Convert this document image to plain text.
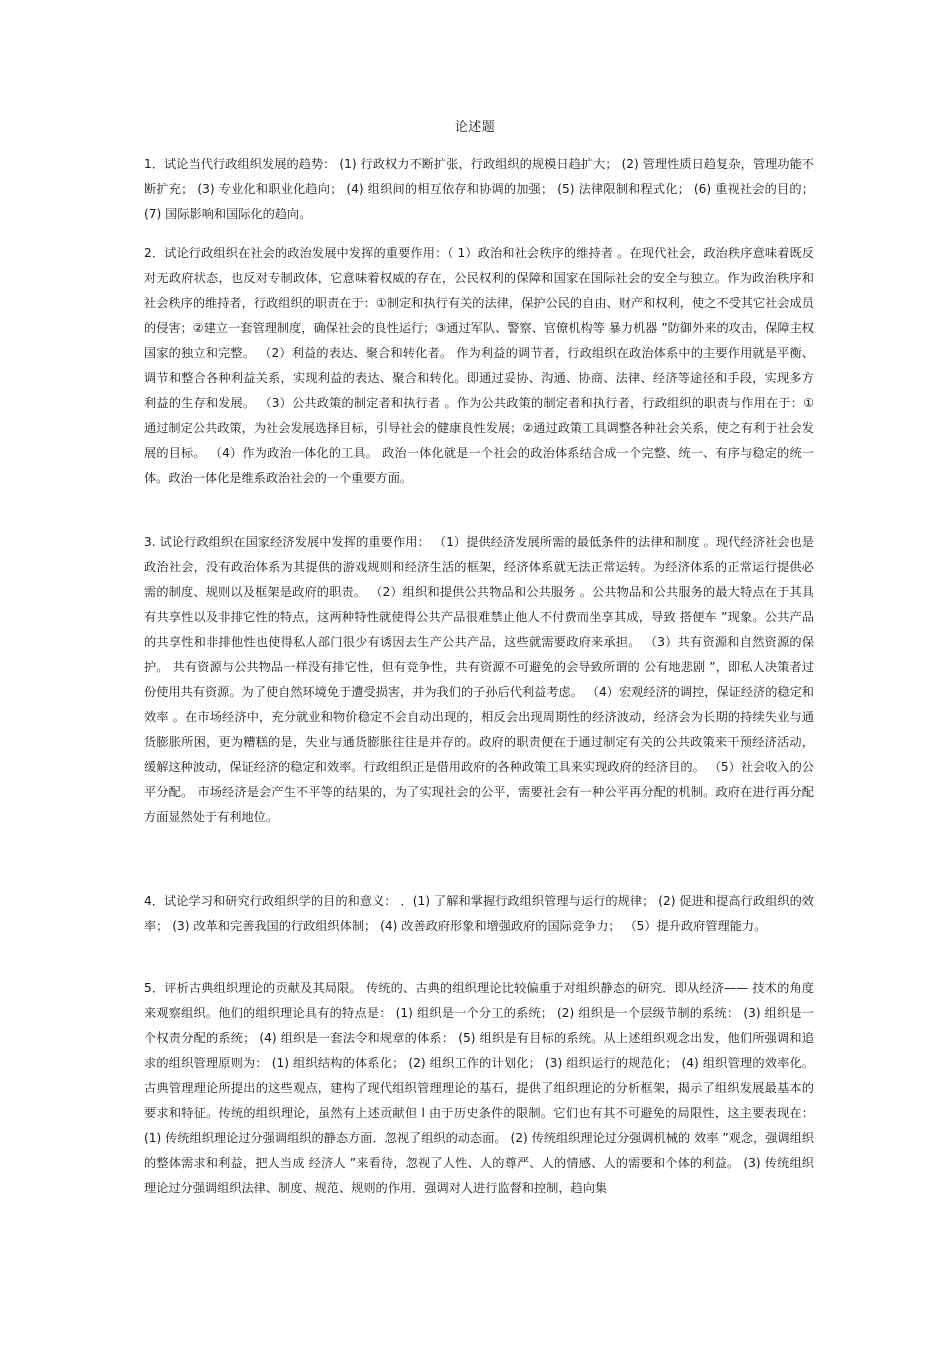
论述题
1．试论当代行政组织发展的趋势： (1) 行政权力不断扩张，行政组织的规模日趋扩大； (2) 管理性质日趋复杂，管理功能不断扩充； (3) 专业化和职业化趋向； (4) 组织间的相互依存和协调的加强； (5) 法律限制和程式化； (6) 重视社会的目的； (7) 国际影响和国际化的趋向。
2．试论行政组织在社会的政治发展中发挥的重要作用：（ 1）政治和社会秩序的维持者 。在现代社会，政治秩序意味着既反对无政府状态，也反对专制政体，它意味着权威的存在，公民权利的保障和国家在国际社会的安全与独立。作为政治秩序和社会秩序的维持者，行政组织的职责在于：①制定和执行有关的法律，保护公民的自由、财产和权利，使之不受其它社会成员的侵害；②建立一套管理制度，确保社会的良性运行；③通过军队、警察、官僚机构等 暴力机器 ”防御外来的攻击，保障主权国家的独立和完整。 （2）利益的表达、聚合和转化者。 作为利益的调节者，行政组织在政治体系中的主要作用就是平衡、调节和整合各种利益关系，实现利益的表达、聚合和转化。即通过妥协、沟通、协商、法律、经济等途径和手段，实现多方利益的生存和发展。 （3）公共政策的制定者和执行者 。作为公共政策的制定者和执行者，行政组织的职责与作用在于：①通过制定公共政策，为社会发展选择目标，引导社会的健康良性发展；②通过政策工具调整各种社会关系，使之有利于社会发展的目标。 （4）作为政治一体化的工具。 政治一体化就是一个社会的政治体系结合成一个完整、统一、有序与稳定的统一体。政治一体化是维系政治社会的一个重要方面。
3. 试论行政组织在国家经济发展中发挥的重要作用： （1）提供经济发展所需的最低条件的法律和制度 。现代经济社会也是政治社会，没有政治体系为其提供的游戏规则和经济生活的框架，经济体系就无法正常运转。为经济体系的正常运行提供必需的制度、规则以及框架是政府的职责。 （2）组织和提供公共物品和公共服务 。公共物品和公共服务的最大特点在于其具有共享性以及非排它性的特点，这两种特性就使得公共产品很难禁止他人不付费而坐享其成，导致 搭便车 ”现象。公共产品的共享性和非排他性也使得私人部门很少有诱因去生产公共产品，这些就需要政府来承担。 （3）共有资源和自然资源的保护。 共有资源与公共物品一样没有排它性，但有竞争性，共有资源不可避免的会导致所谓的 公有地悲剧 ”，即私人决策者过份使用共有资源。为了使自然环境免于遭受损害，并为我们的子孙后代利益考虑。 （4）宏观经济的调控，保证经济的稳定和效率 。在市场经济中，充分就业和物价稳定不会自动出现的，相反会出现周期性的经济波动，经济会为长期的持续失业与通货膨胀所困，更为糟糕的是，失业与通货膨胀往往是并存的。政府的职责便在于通过制定有关的公共政策来干预经济活动，缓解这种波动，保证经济的稳定和效率。行政组织正是借用政府的各种政策工具来实现政府的经济目的。 （5）社会收入的公平分配。 市场经济是会产生不平等的结果的，为了实现社会的公平，需要社会有一种公平再分配的机制。政府在进行再分配方面显然处于有利地位。
4．试论学习和研究行政组织学的目的和意义： ．(1) 了解和掌握行政组织管理与运行的规律； (2) 促进和提高行政组织的效率； (3) 改革和完善我国的行政组织体制； (4) 改善政府形象和增强政府的国际竞争力； （5）提升政府管理能力。
5．评析古典组织理论的贡献及其局限。 传统的、古典的组织理论比较偏重于对组织静态的研究．即从经济—— 技术的角度来观察组织。他们的组织理论具有的特点是： (1) 组织是一个分工的系统； (2) 组织是一个层级节制的系统： (3) 组织是一个权责分配的系统； (4) 组织是一套法令和规章的体系： (5) 组织是有目标的系统。从上述组织观念出发，他们所强调和追求的组织管理原则为： (1) 组织结构的体系化； (2) 组织工作的计划化； (3) 组织运行的规范化； (4) 组织管理的效率化。古典管理理论所提出的这些观点，建构了现代组织管理理论的基石，提供了组织理论的分析框架，揭示了组织发展最基本的要求和特征。传统的组织理论，虽然有上述贡献但 l 由于历史条件的限制。它们也有其不可避免的局限性，这主要表现在： (1) 传统组织理论过分强调组织的静态方面．忽视了组织的动态面。 (2) 传统组织理论过分强调机械的 效率 ”观念，强调组织的整体需求和利益，把人当成 经济人 ”来看待，忽视了人性、人的尊严、人的情感、人的需要和个体的利益。 (3) 传统组织理论过分强调组织法律、制度、规范、规则的作用．强调对人进行监督和控制，趋向集
